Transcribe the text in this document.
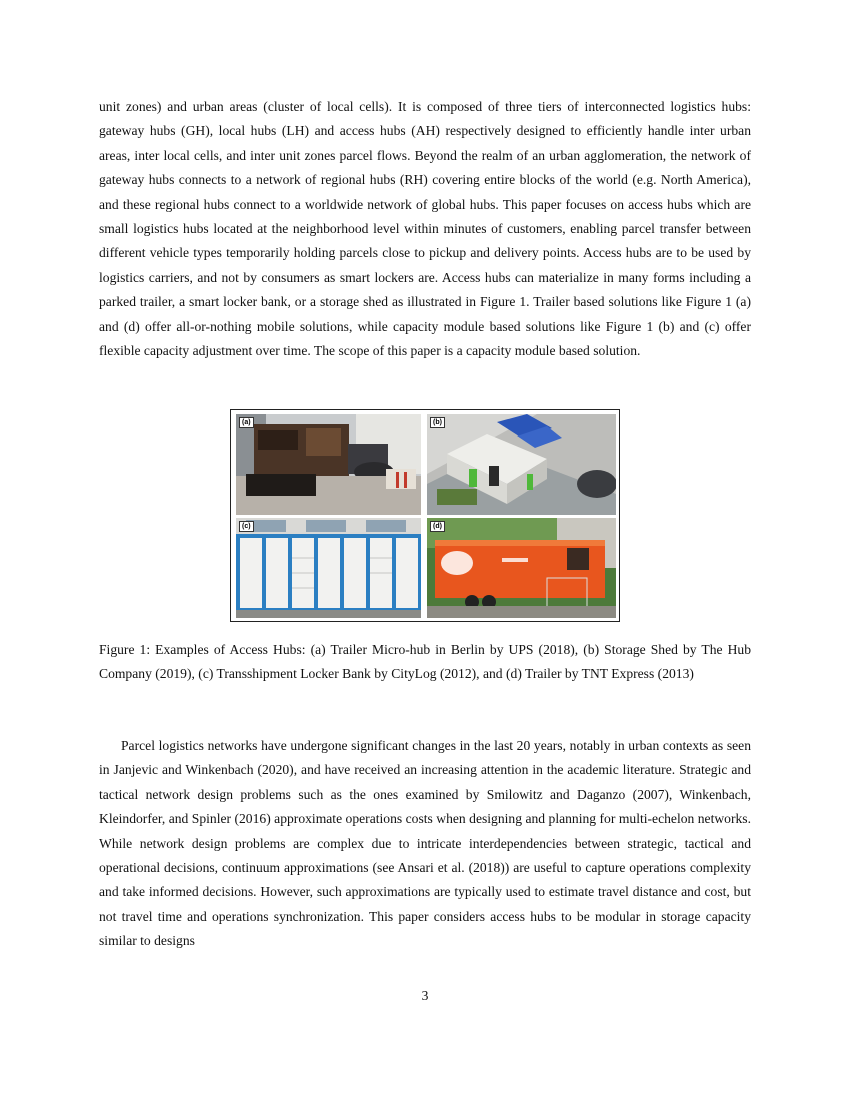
unit zones) and urban areas (cluster of local cells). It is composed of three tiers of interconnected logistics hubs: gateway hubs (GH), local hubs (LH) and access hubs (AH) respectively designed to efficiently handle inter urban areas, inter local cells, and inter unit zones parcel flows. Beyond the realm of an urban agglomeration, the network of gateway hubs connects to a network of regional hubs (RH) covering entire blocks of the world (e.g. North America), and these regional hubs connect to a worldwide network of global hubs. This paper focuses on access hubs which are small logistics hubs located at the neighborhood level within minutes of customers, enabling parcel transfer between different vehicle types temporarily holding parcels close to pickup and delivery points. Access hubs are to be used by logistics carriers, and not by consumers as smart lockers are. Access hubs can materialize in many forms including a parked trailer, a smart locker bank, or a storage shed as illustrated in Figure 1. Trailer based solutions like Figure 1 (a) and (d) offer all-or-nothing mobile solutions, while capacity module based solutions like Figure 1 (b) and (c) offer flexible capacity adjustment over time. The scope of this paper is a capacity module based solution.

(a)	(b)
(c)	(d)

Figure 1: Examples of Access Hubs: (a) Trailer Micro-hub in Berlin by UPS (2018), (b) Storage Shed by The Hub Company (2019), (c) Transshipment Locker Bank by CityLog (2012), and (d) Trailer by TNT Express (2013)

Parcel logistics networks have undergone significant changes in the last 20 years, notably in urban contexts as seen in Janjevic and Winkenbach (2020), and have received an increasing attention in the academic literature. Strategic and tactical network design problems such as the ones examined by Smilowitz and Daganzo (2007), Winkenbach, Kleindorfer, and Spinler (2016) approximate operations costs when designing and planning for multi-echelon networks. While network design problems are complex due to intricate interdependencies between strategic, tactical and operational decisions, continuum approximations (see Ansari et al. (2018)) are useful to capture operations complexity and take informed decisions. However, such approximations are typically used to estimate travel distance and cost, but not travel time and operations synchronization. This paper considers access hubs to be modular in storage capacity similar to designs

3
